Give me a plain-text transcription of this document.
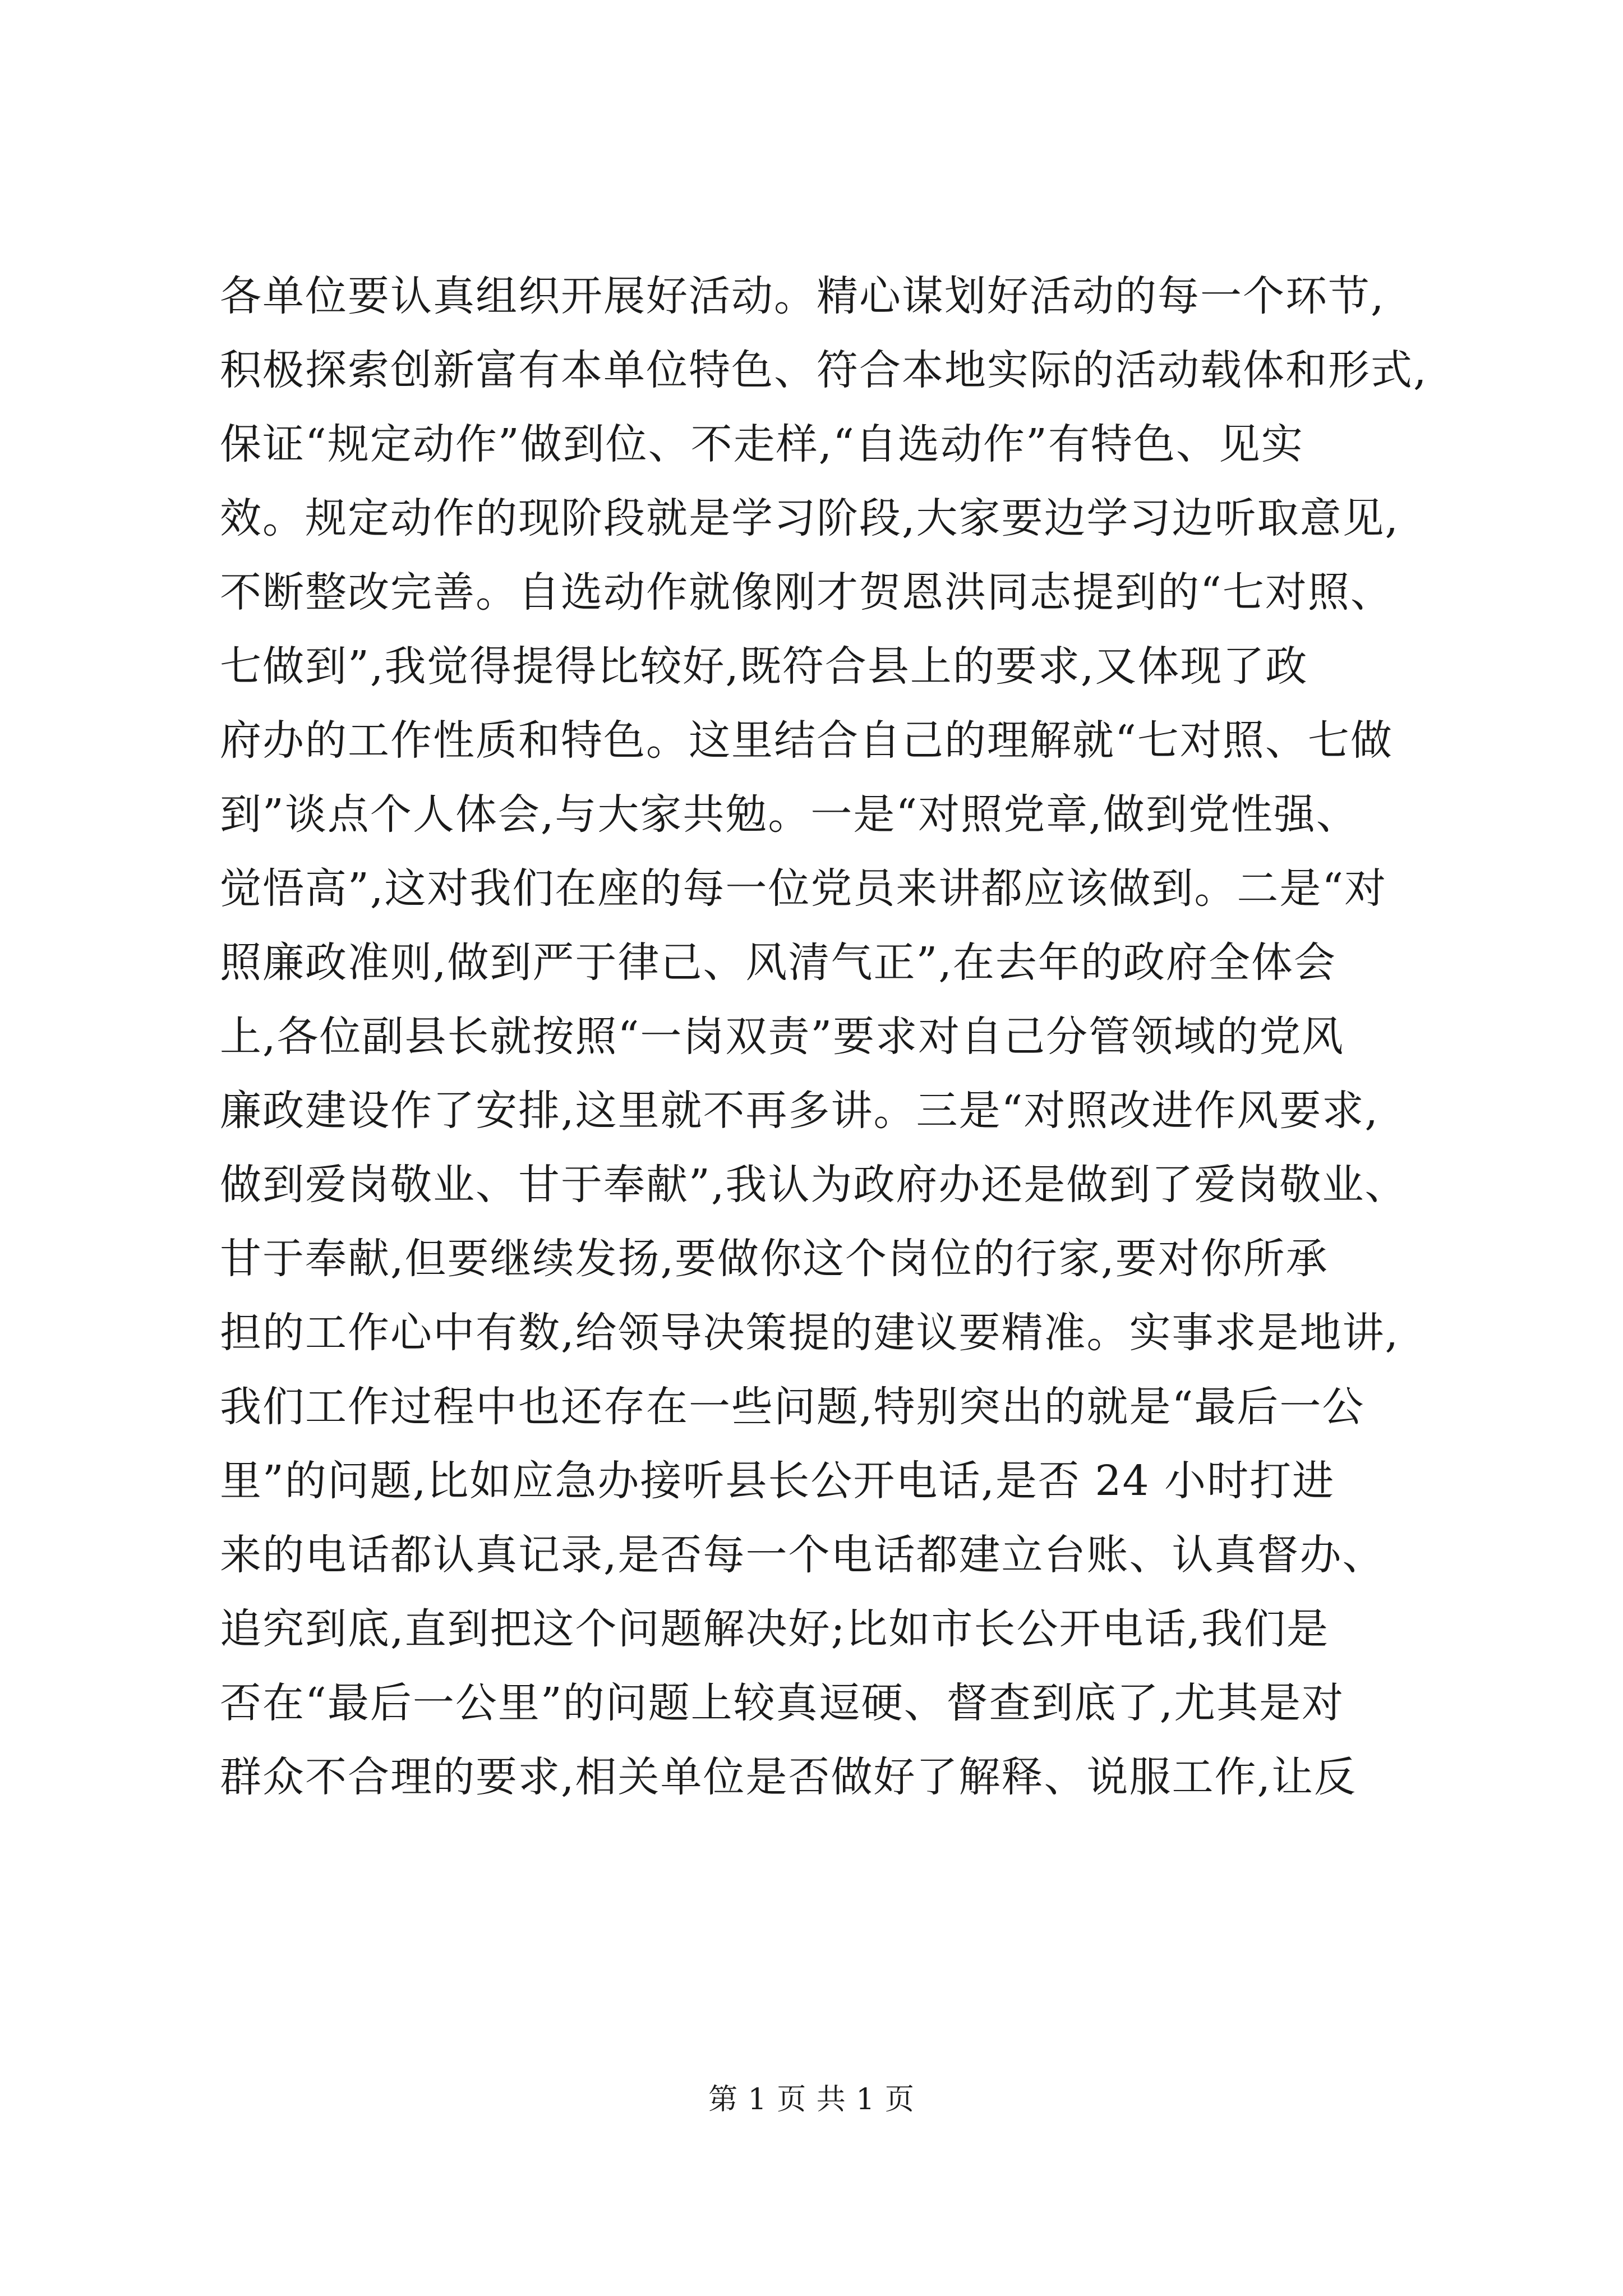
各单位要认真组织开展好活动。精心谋划好活动的每一个环节,
积极探索创新富有本单位特色、符合本地实际的活动载体和形式,
保证“规定动作”做到位、不走样,“自选动作”有特色、见实
效。规定动作的现阶段就是学习阶段,大家要边学习边听取意见,
不断整改完善。自选动作就像刚才贺恩洪同志提到的“七对照、
七做到”,我觉得提得比较好,既符合县上的要求,又体现了政
府办的工作性质和特色。这里结合自己的理解就“七对照、七做
到”谈点个人体会,与大家共勉。一是“对照党章,做到党性强、
觉悟高”,这对我们在座的每一位党员来讲都应该做到。二是“对
照廉政准则,做到严于律己、风清气正”,在去年的政府全体会
上,各位副县长就按照“一岗双责”要求对自己分管领域的党风
廉政建设作了安排,这里就不再多讲。三是“对照改进作风要求,
做到爱岗敬业、甘于奉献”,我认为政府办还是做到了爱岗敬业、
甘于奉献,但要继续发扬,要做你这个岗位的行家,要对你所承
担的工作心中有数,给领导决策提的建议要精准。实事求是地讲,
我们工作过程中也还存在一些问题,特别突出的就是“最后一公
里”的问题,比如应急办接听县长公开电话,是否 24 小时打进
来的电话都认真记录,是否每一个电话都建立台账、认真督办、
追究到底,直到把这个问题解决好;比如市长公开电话,我们是
否在“最后一公里”的问题上较真逗硬、督查到底了,尤其是对
群众不合理的要求,相关单位是否做好了解释、说服工作,让反
第 1 页 共 1 页
